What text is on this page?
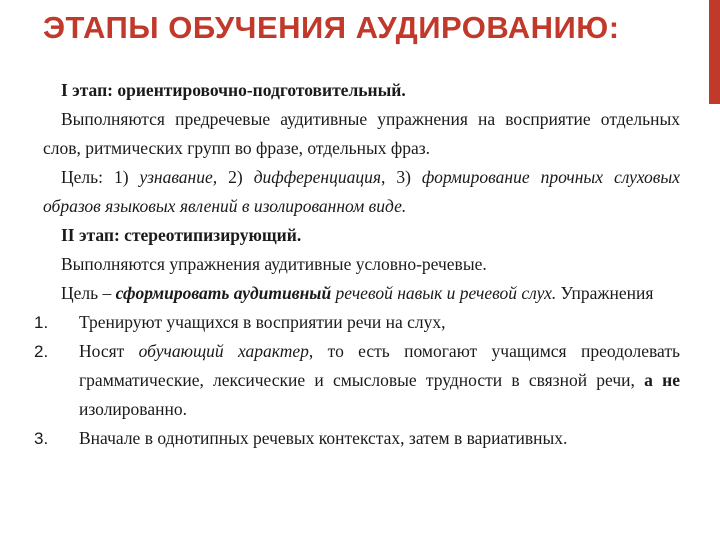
ЭТАПЫ ОБУЧЕНИЯ АУДИРОВАНИЮ:

I этап: ориентировочно-подготовительный.

Выполняются предречевые аудитивные упражнения на восприятие отдельных слов, ритмических групп во фразе, отдельных фраз.

Цель: 1) узнавание, 2) дифференциация, 3) формирование прочных слуховых образов языковых явлений в изолированном виде.

II этап: стереотипизирующий.

Выполняются упражнения аудитивные условно-речевые.

Цель – сформировать аудитивный речевой навык и речевой слух. Упражнения

1. Тренируют учащихся в восприятии речи на слух,
2. Носят обучающий характер, то есть помогают учащимся преодолевать грамматические, лексические и смысловые трудности в связной речи, а не изолированно.
3. Вначале в однотипных речевых контекстах, затем в вариативных.
